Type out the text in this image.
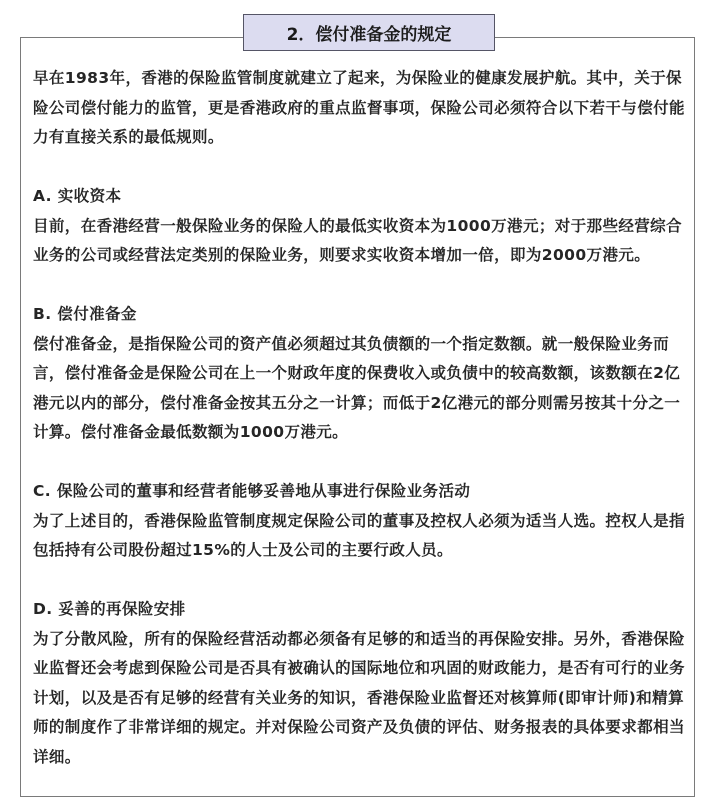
2．偿付准备金的规定

早在1983年，香港的保险监管制度就建立了起来，为保险业的健康发展护航。其中，关于保险公司偿付能力的监管，更是香港政府的重点监督事项，保险公司必须符合以下若干与偿付能力有直接关系的最低规则。

A. 实收资本

目前，在香港经营一般保险业务的保险人的最低实收资本为1000万港元；对于那些经营综合业务的公司或经营法定类别的保险业务，则要求实收资本增加一倍，即为2000万港元。

B. 偿付准备金

偿付准备金，是指保险公司的资产值必须超过其负债额的一个指定数额。就一般保险业务而言，偿付准备金是保险公司在上一个财政年度的保费收入或负债中的较高数额，该数额在2亿港元以内的部分，偿付准备金按其五分之一计算；而低于2亿港元的部分则需另按其十分之一计算。偿付准备金最低数额为1000万港元。

C. 保险公司的董事和经营者能够妥善地从事进行保险业务活动

为了上述目的，香港保险监管制度规定保险公司的董事及控权人必须为适当人选。控权人是指包括持有公司股份超过15%的人士及公司的主要行政人员。

D. 妥善的再保险安排

为了分散风险，所有的保险经营活动都必须备有足够的和适当的再保险安排。另外，香港保险业监督还会考虑到保险公司是否具有被确认的国际地位和巩固的财政能力，是否有可行的业务计划，以及是否有足够的经营有关业务的知识，香港保险业监督还对核算师(即审计师)和精算师的制度作了非常详细的规定。并对保险公司资产及负债的评估、财务报表的具体要求都相当详细。
